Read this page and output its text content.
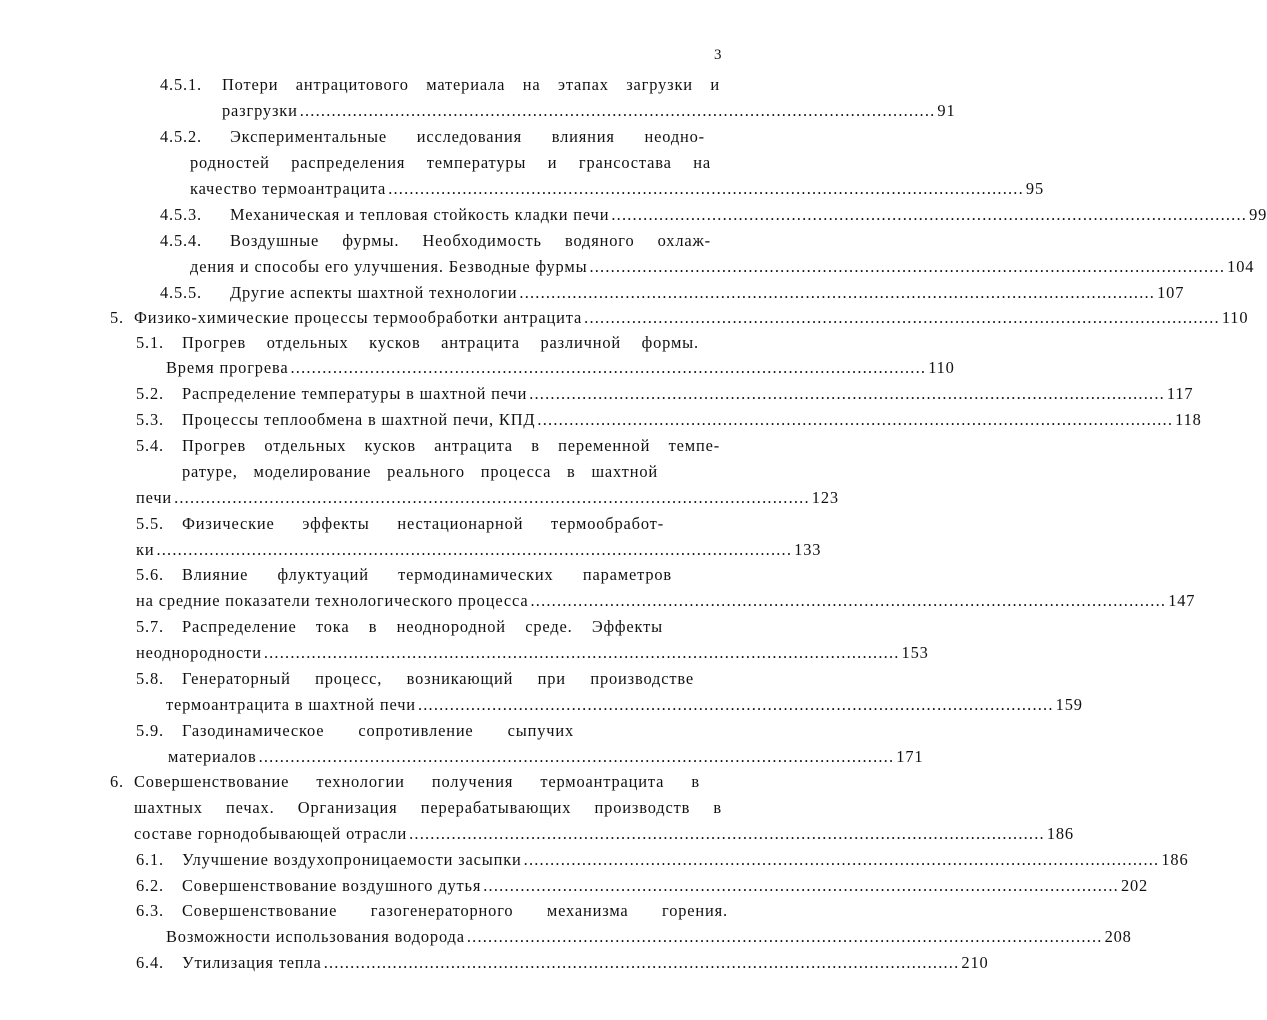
3
4.5.1.	Потери антрацитового материала на этапах загрузки и
разгрузки ........................................................................................................................ 91
4.5.2.	Экспериментальные исследования влияния неодно-
родностей распределения температуры и грансостава на
качество термоантрацита ........................................................................................................................ 95
4.5.3.	Механическая и тепловая стойкость кладки печи ........................................................................................................................ 99
4.5.4.	Воздушные фурмы. Необходимость водяного охлаж-
дения и способы его улучшения. Безводные фурмы ........................................................................................................................ 104
4.5.5.	Другие аспекты шахтной технологии ........................................................................................................................ 107
5. Физико-химические процессы термообработки антрацита ........................................................................................................................ 110
5.1.	Прогрев отдельных кусков антрацита различной формы.
Время прогрева ........................................................................................................................ 110
5.2.	Распределение температуры в шахтной печи ........................................................................................................................ 117
5.3.	Процессы теплообмена в шахтной печи, КПД ........................................................................................................................ 118
5.4.	Прогрев отдельных кусков антрацита в переменной темпе-
ратуре, моделирование реального процесса в шахтной
печи ........................................................................................................................ 123
5.5.	Физические эффекты нестационарной термообработ-
ки ........................................................................................................................ 133
5.6.	Влияние флуктуаций термодинамических параметров
на средние показатели технологического процесса ........................................................................................................................ 147
5.7.	Распределение тока в неоднородной среде. Эффекты
неоднородности ........................................................................................................................ 153
5.8.	Генераторный процесс, возникающий при производстве
термоантрацита в шахтной печи ........................................................................................................................ 159
5.9.	Газодинамическое сопротивление сыпучих
материалов ........................................................................................................................ 171
6. Совершенствование технологии получения термоантрацита в
шахтных печах. Организация перерабатывающих производств в
составе горнодобывающей отрасли ........................................................................................................................ 186
6.1.	Улучшение воздухопроницаемости засыпки ........................................................................................................................ 186
6.2.	Совершенствование воздушного дутья ........................................................................................................................ 202
6.3.	Совершенствование газогенераторного механизма горения.
Возможности использования водорода ........................................................................................................................ 208
6.4.	Утилизация тепла ........................................................................................................................ 210
